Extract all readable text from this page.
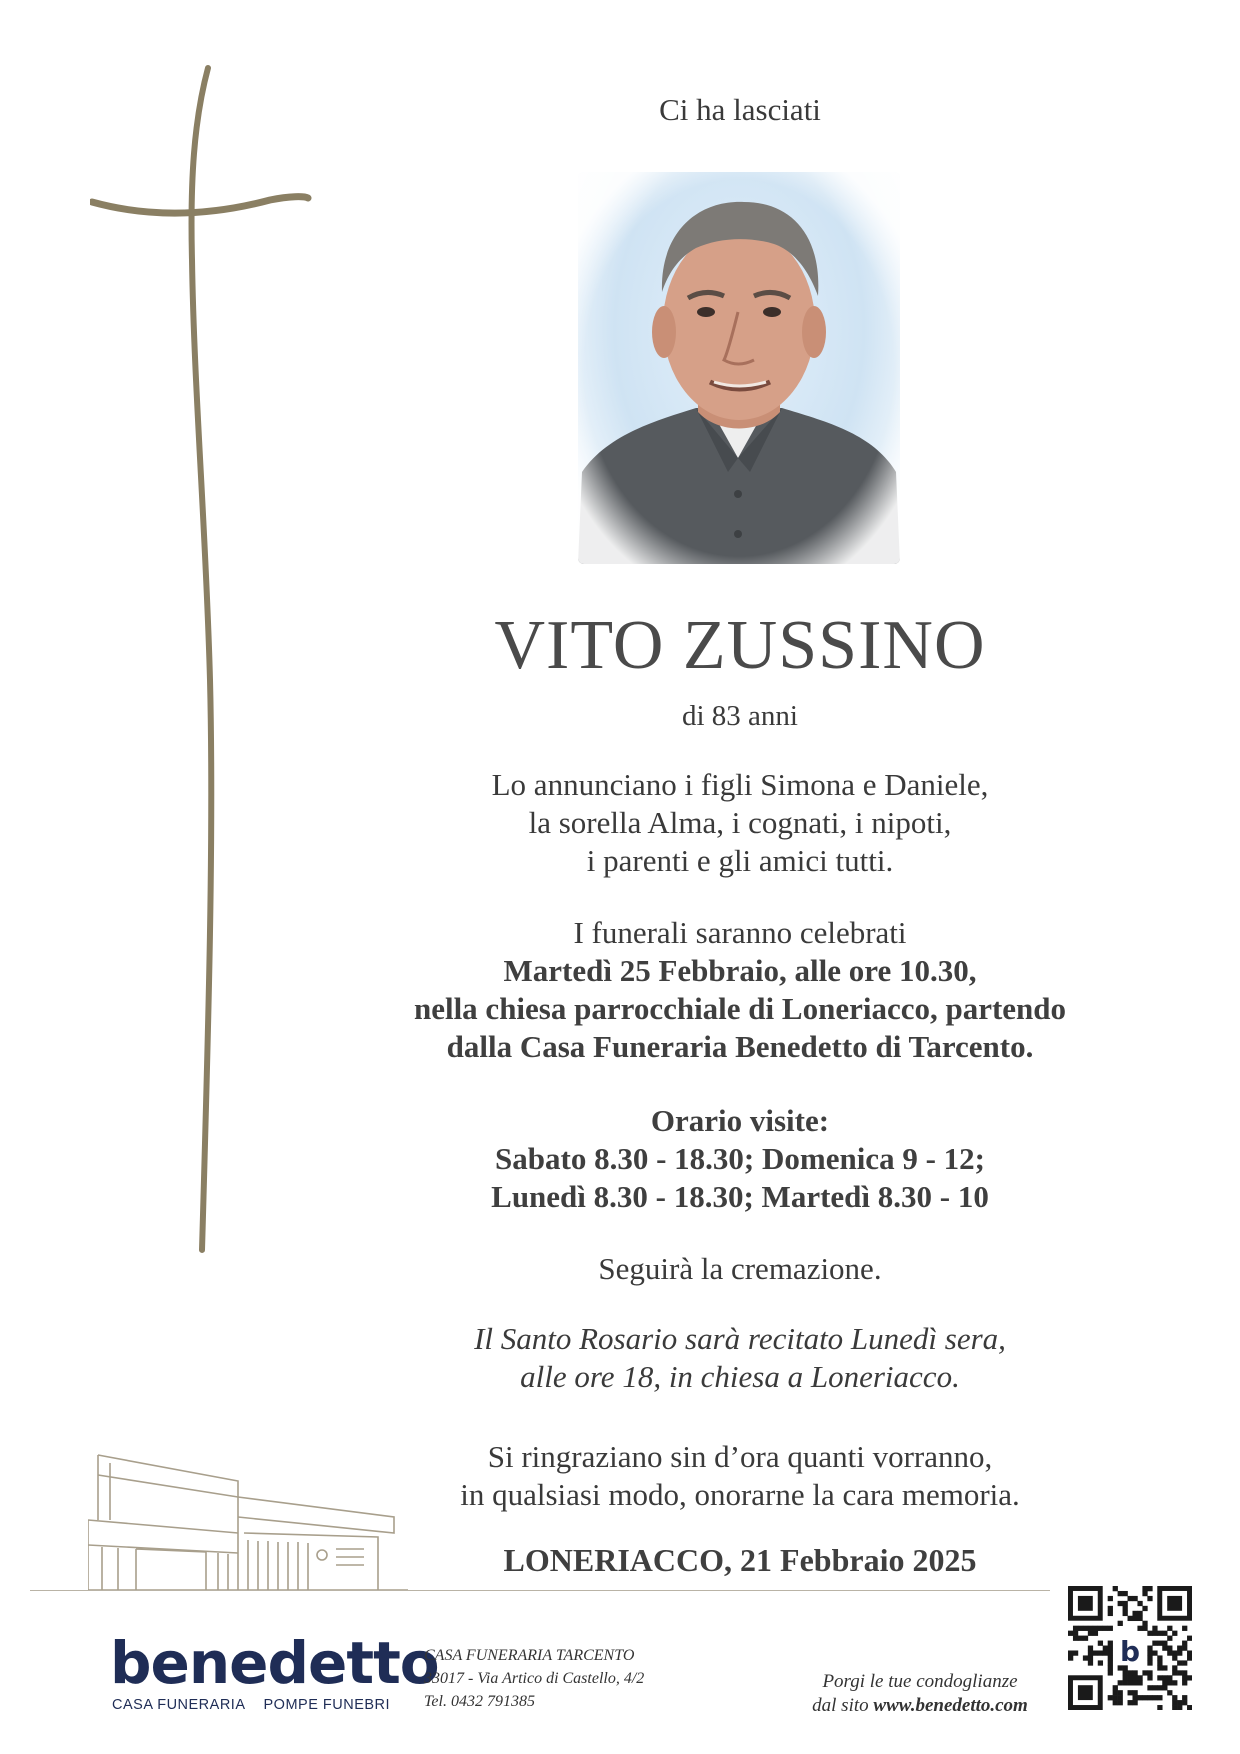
Ci ha lasciati
VITO ZUSSINO
di 83 anni
Lo annunciano i figli Simona e Daniele,
la sorella Alma, i cognati, i nipoti,
i parenti e gli amici tutti.
I funerali saranno celebrati
Martedì 25 Febbraio, alle ore 10.30,
nella chiesa parrocchiale di Loneriacco, partendo
dalla Casa Funeraria Benedetto di Tarcento.
Orario visite:
Sabato 8.30 - 18.30; Domenica 9 - 12;
Lunedì 8.30 - 18.30; Martedì 8.30 - 10
Seguirà la cremazione.
Il Santo Rosario sarà recitato Lunedì sera,
alle ore 18, in chiesa a Loneriacco.
Si ringraziano sin d’ora quanti vorranno,
in qualsiasi modo, onorarne la cara memoria.
LONERIACCO, 21 Febbraio 2025
benedetto
CASA FUNERARIA POMPE FUNEBRI
CASA FUNERARIA TARCENTO
33017 - Via Artico di Castello, 4/2
Tel. 0432 791385
Porgi le tue condoglianze
dal sito www.benedetto.com
b
